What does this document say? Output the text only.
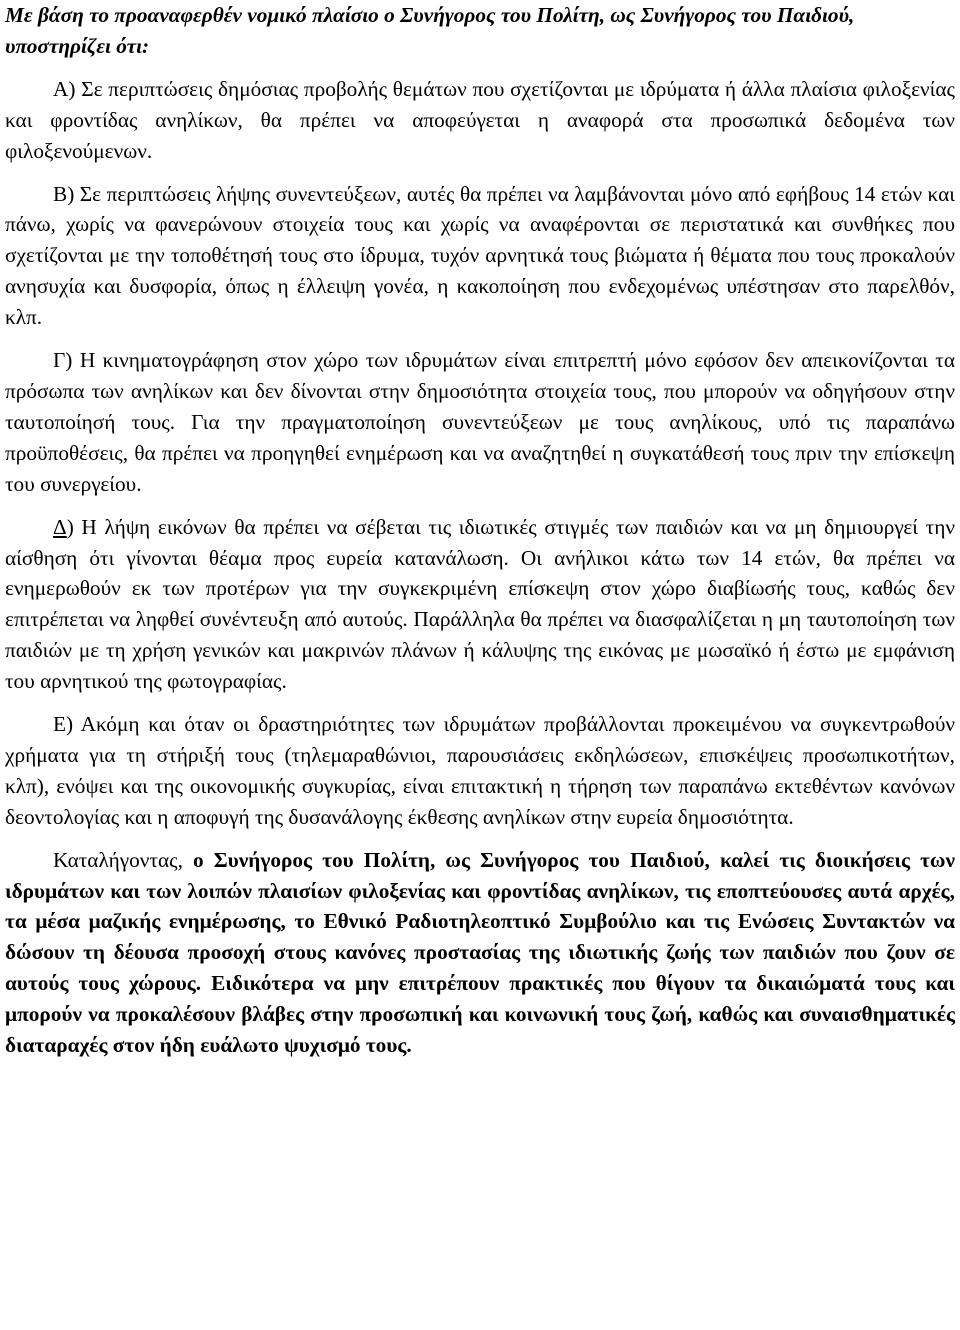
Με βάση το προαναφερθέν νομικό πλαίσιο ο Συνήγορος του Πολίτη, ως Συνήγορος του Παιδιού, υποστηρίζει ότι:

Α) Σε περιπτώσεις δημόσιας προβολής θεμάτων που σχετίζονται με ιδρύματα ή άλλα πλαίσια φιλοξενίας και φροντίδας ανηλίκων, θα πρέπει να αποφεύγεται η αναφορά στα προσωπικά δεδομένα των φιλοξενούμενων.

Β) Σε περιπτώσεις λήψης συνεντεύξεων, αυτές θα πρέπει να λαμβάνονται μόνο από εφήβους 14 ετών και πάνω, χωρίς να φανερώνουν στοιχεία τους και χωρίς να αναφέρονται σε περιστατικά και συνθήκες που σχετίζονται με την τοποθέτησή τους στο ίδρυμα, τυχόν αρνητικά τους βιώματα ή θέματα που τους προκαλούν ανησυχία και δυσφορία, όπως η έλλειψη γονέα, η κακοποίηση που ενδεχομένως υπέστησαν στο παρελθόν, κλπ.

Γ) Η κινηματογράφηση στον χώρο των ιδρυμάτων είναι επιτρεπτή μόνο εφόσον δεν απεικονίζονται τα πρόσωπα των ανηλίκων και δεν δίνονται στην δημοσιότητα στοιχεία τους, που μπορούν να οδηγήσουν στην ταυτοποίησή τους. Για την πραγματοποίηση συνεντεύξεων με τους ανηλίκους, υπό τις παραπάνω προϋποθέσεις, θα πρέπει να προηγηθεί ενημέρωση και να αναζητηθεί η συγκατάθεσή τους πριν την επίσκεψη του συνεργείου.

Δ) Η λήψη εικόνων θα πρέπει να σέβεται τις ιδιωτικές στιγμές των παιδιών και να μη δημιουργεί την αίσθηση ότι γίνονται θέαμα προς ευρεία κατανάλωση. Οι ανήλικοι κάτω των 14 ετών, θα πρέπει να ενημερωθούν εκ των προτέρων για την συγκεκριμένη επίσκεψη στον χώρο διαβίωσής τους, καθώς δεν επιτρέπεται να ληφθεί συνέντευξη από αυτούς. Παράλληλα θα πρέπει να διασφαλίζεται η μη ταυτοποίηση των παιδιών με τη χρήση γενικών και μακρινών πλάνων ή κάλυψης της εικόνας με μωσαϊκό ή έστω με εμφάνιση του αρνητικού της φωτογραφίας.

Ε) Ακόμη και όταν οι δραστηριότητες των ιδρυμάτων προβάλλονται προκειμένου να συγκεντρωθούν χρήματα για τη στήριξή τους (τηλεμαραθώνιοι, παρουσιάσεις εκδηλώσεων, επισκέψεις προσωπικοτήτων, κλπ), ενόψει και της οικονομικής συγκυρίας, είναι επιτακτική η τήρηση των παραπάνω εκτεθέντων κανόνων δεοντολογίας και η αποφυγή της δυσανάλογης έκθεσης ανηλίκων στην ευρεία δημοσιότητα.

Καταλήγοντας, ο Συνήγορος του Πολίτη, ως Συνήγορος του Παιδιού, καλεί τις διοικήσεις των ιδρυμάτων και των λοιπών πλαισίων φιλοξενίας και φροντίδας ανηλίκων, τις εποπτεύουσες αυτά αρχές, τα μέσα μαζικής ενημέρωσης, το Εθνικό Ραδιοτηλεοπτικό Συμβούλιο και τις Ενώσεις Συντακτών να δώσουν τη δέουσα προσοχή στους κανόνες προστασίας της ιδιωτικής ζωής των παιδιών που ζουν σε αυτούς τους χώρους. Ειδικότερα να μην επιτρέπουν πρακτικές που θίγουν τα δικαιώματά τους και μπορούν να προκαλέσουν βλάβες στην προσωπική και κοινωνική τους ζωή, καθώς και συναισθηματικές διαταραχές στον ήδη ευάλωτο ψυχισμό τους.
